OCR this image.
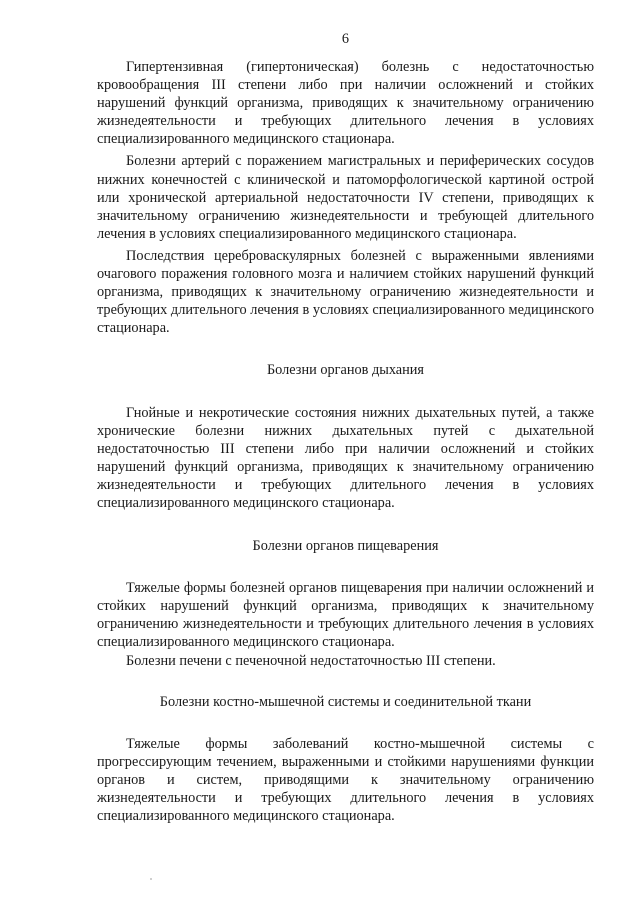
6

Гипертензивная (гипертоническая) болезнь с недостаточностью кровообращения III степени либо при наличии осложнений и стойких нарушений функций организма, приводящих к значительному ограничению жизнедеятельности и требующих длительного лечения в условиях специализированного медицинского стационара.

Болезни артерий с поражением магистральных и периферических сосудов нижних конечностей с клинической и патоморфологической картиной острой или хронической артериальной недостаточности IV степени, приводящих к значительному ограничению жизнедеятельности и требующей длительного лечения в условиях специализированного медицинского стационара.

Последствия цереброваскулярных болезней с выраженными явлениями очагового поражения головного мозга и наличием стойких нарушений функций организма, приводящих к значительному ограничению жизнедеятельности и требующих длительного лечения в условиях специализированного медицинского стационара.

Болезни органов дыхания

Гнойные и некротические состояния нижних дыхательных путей, а также хронические болезни нижних дыхательных путей с дыхательной недостаточностью III степени либо при наличии осложнений и стойких нарушений функций организма, приводящих к значительному ограничению жизнедеятельности и требующих длительного лечения в условиях специализированного медицинского стационара.

Болезни органов пищеварения

Тяжелые формы болезней органов пищеварения при наличии осложнений и стойких нарушений функций организма, приводящих к значительному ограничению жизнедеятельности и требующих длительного лечения в условиях специализированного медицинского стационара.

Болезни печени с печеночной недостаточностью III степени.

Болезни костно-мышечной системы и соединительной ткани

Тяжелые формы заболеваний костно-мышечной системы с прогрессирующим течением, выраженными и стойкими нарушениями функции органов и систем, приводящими к значительному ограничению жизнедеятельности и требующих длительного лечения в условиях специализированного медицинского стационара.
